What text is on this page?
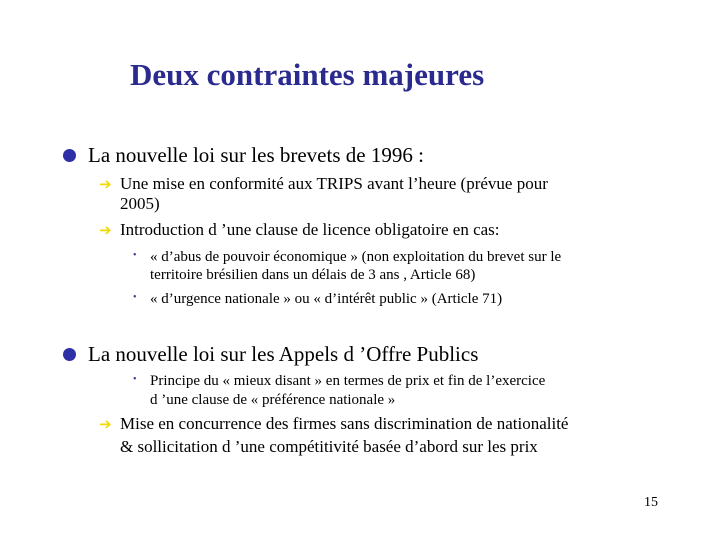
Deux contraintes majeures
La nouvelle loi sur les brevets de 1996 :
➔ Une mise en conformité aux TRIPS avant l’heure (prévue pour
2005)
➔ Introduction d ’une clause de licence obligatoire en cas:
• « d’abus de pouvoir économique » (non exploitation du brevet sur le
territoire brésilien dans un délais de 3 ans , Article 68)
• « d’urgence nationale » ou « d’intérêt public » (Article 71)
La nouvelle loi sur les Appels d ’Offre Publics
• Principe du « mieux disant » en termes de prix et fin de l’exercice
d ’une clause de « préférence nationale »
➔ Mise en concurrence des firmes sans discrimination de nationalité
& sollicitation d ’une compétitivité basée d’abord sur les prix
15
